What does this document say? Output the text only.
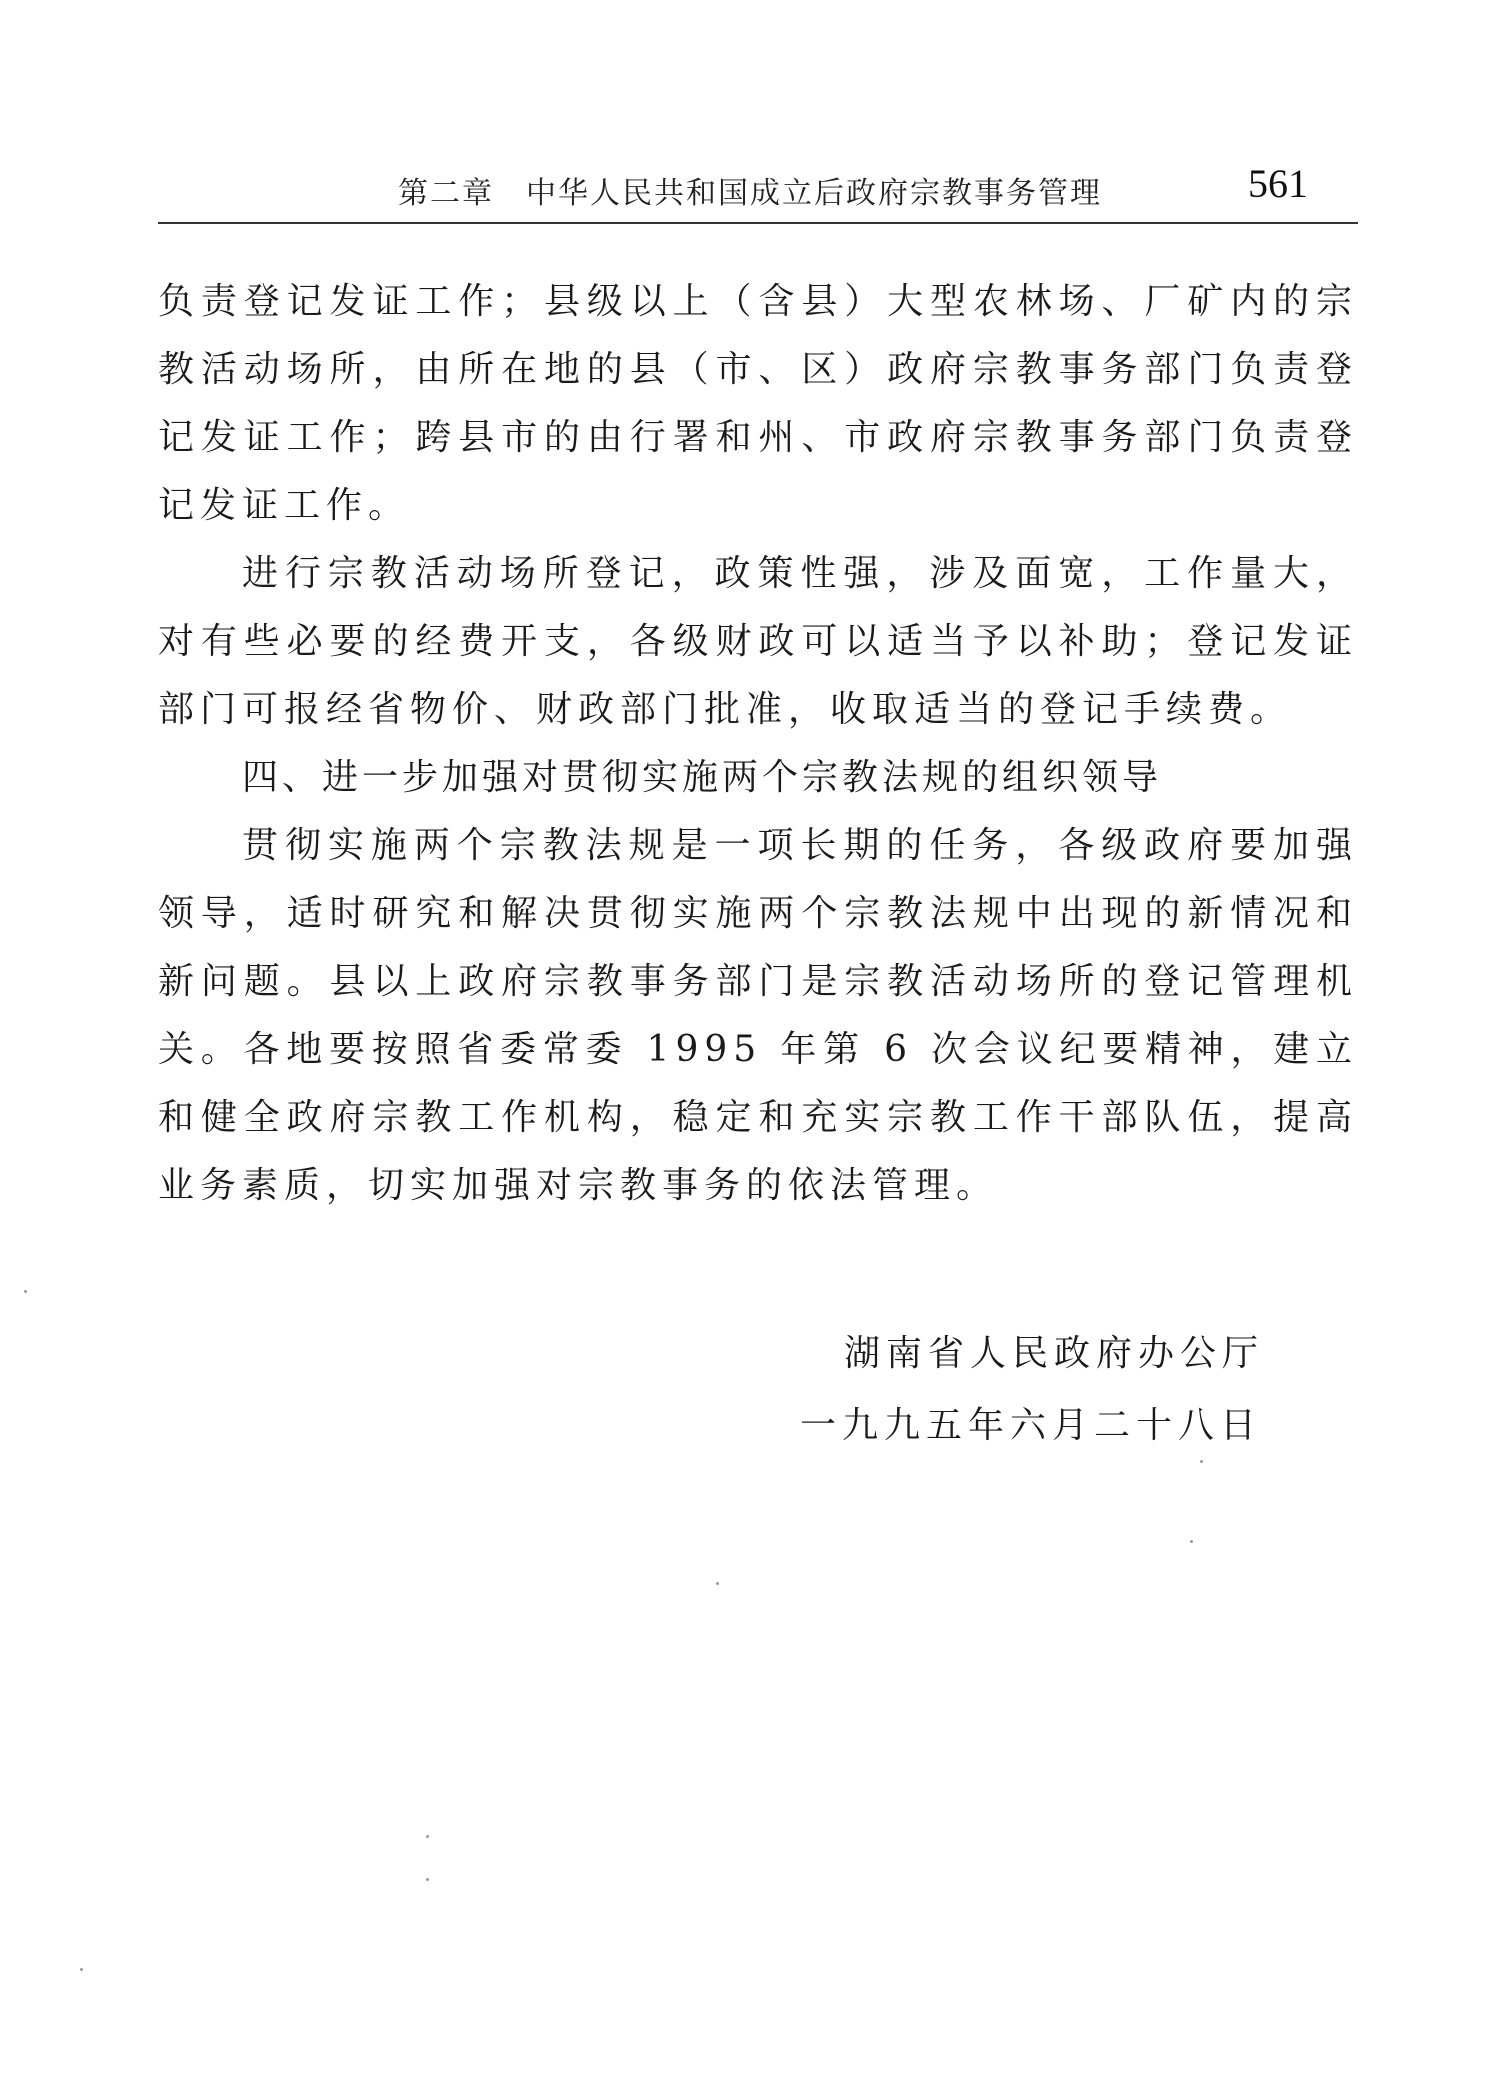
第二章　中华人民共和国成立后政府宗教事务管理	561

负责登记发证工作；县级以上（含县）大型农林场、厂矿内的宗教活动场所，由所在地的县（市、区）政府宗教事务部门负责登记发证工作；跨县市的由行署和州、市政府宗教事务部门负责登记发证工作。

进行宗教活动场所登记，政策性强，涉及面宽，工作量大，对有些必要的经费开支，各级财政可以适当予以补助；登记发证部门可报经省物价、财政部门批准，收取适当的登记手续费。

四、进一步加强对贯彻实施两个宗教法规的组织领导

贯彻实施两个宗教法规是一项长期的任务，各级政府要加强领导，适时研究和解决贯彻实施两个宗教法规中出现的新情况和新问题。县以上政府宗教事务部门是宗教活动场所的登记管理机关。各地要按照省委常委 1995 年第 6 次会议纪要精神，建立和健全政府宗教工作机构，稳定和充实宗教工作干部队伍，提高业务素质，切实加强对宗教事务的依法管理。

湖南省人民政府办公厅
一九九五年六月二十八日
